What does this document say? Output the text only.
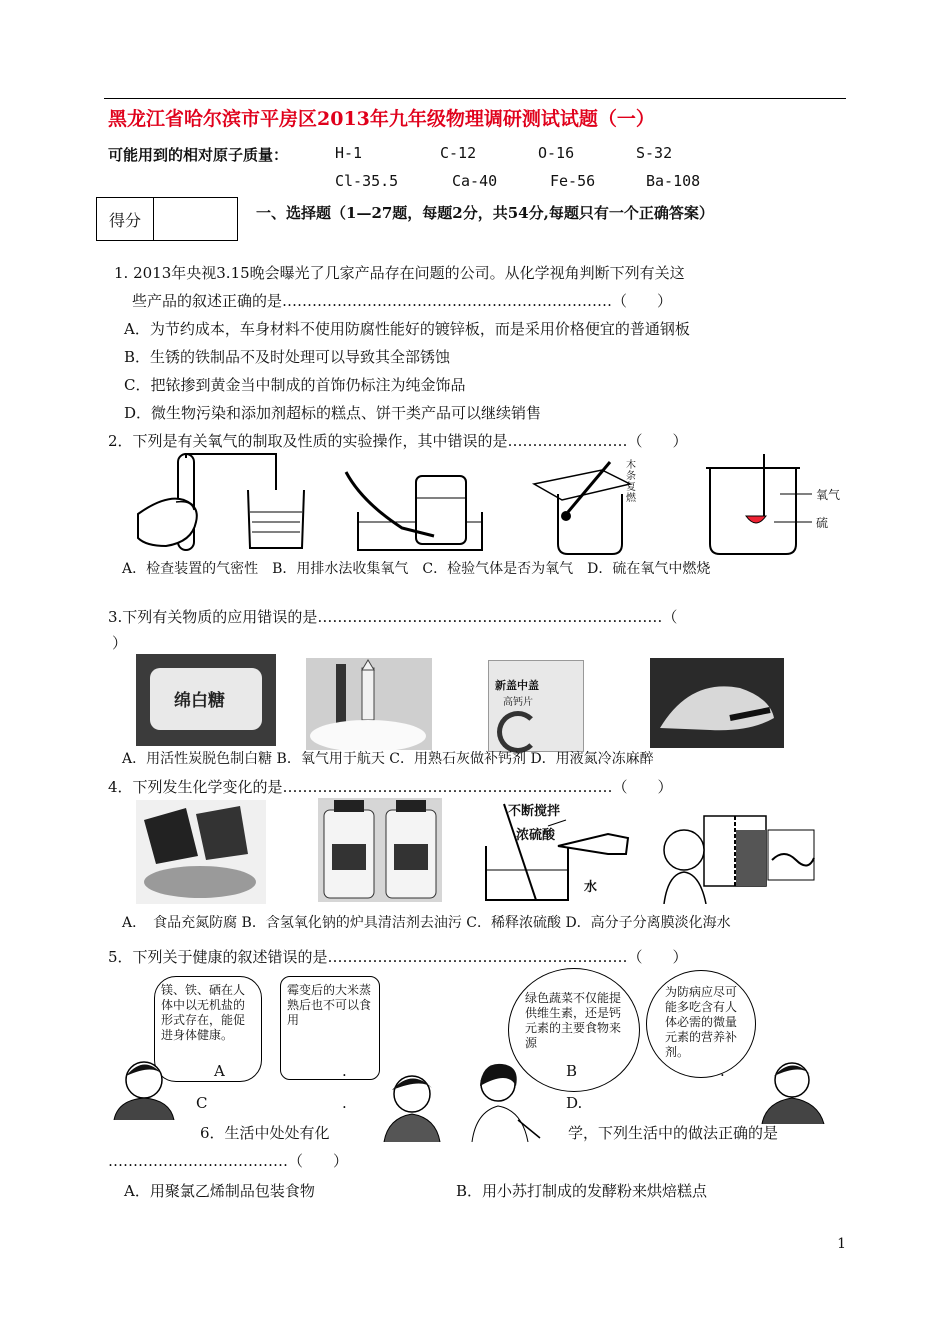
黑龙江省哈尔滨市平房区2013年九年级物理调研测试试题（一）
可能用到的相对原子质量：	H-1	C-12	O-16	S-32
Cl-35.5	Ca-40	Fe-56	Ba-108
得分	一、选择题（1—27题，每题2分，共54分,每题只有一个正确答案）
1. 2013年央视3.15晚会曝光了几家产品存在问题的公司。从化学视角判断下列有关这
些产品的叙述正确的是…………………………………………………………（　　）
A．为节约成本，车身材料不使用防腐性能好的镀锌板，而是采用价格便宜的普通钢板
B．生锈的铁制品不及时处理可以导致其全部锈蚀
C．把铱掺到黄金当中制成的首饰仍标注为纯金饰品
D．微生物污染和添加剂超标的糕点、饼干类产品可以继续销售
2．下列是有关氧气的制取及性质的实验操作，其中错误的是……………………（　　）
木条复燃	氧气
硫
A．检查装置的气密性　B．用排水法收集氧气　C．检验气体是否为氧气　D．硫在氧气中燃烧
3.下列有关物质的应用错误的是……………………………………………………………（
）
绵白糖
新盖中盖
高钙片
A．用活性炭脱色制白糖 B．氧气用于航天 C．用熟石灰做补钙剂 D．用液氮冷冻麻醉
4．下列发生化学变化的是…………………………………………………………（　　）
不断搅拌
浓硫酸
水
A．　食品充氮防腐 B．含氢氧化钠的炉具清洁剂去油污 C．稀释浓硫酸 D．高分子分离膜淡化海水
5．下列关于健康的叙述错误的是……………………………………………………（　　）
镁、铁、硒在人体中以无机盐的形式存在，能促进身体健康。
霉变后的大米蒸熟后也不可以食用
绿色蔬菜不仅能提供维生素，还是钙元素的主要食物来源
为防病应尽可能多吃含有人体必需的微量元素的营养补剂。
A	.	B	.
C	.	D.
6．生活中处处有化	学，下列生活中的做法正确的是
………………………………（　　）
A．用聚氯乙烯制品包装食物	B．用小苏打制成的发酵粉来烘焙糕点
1
